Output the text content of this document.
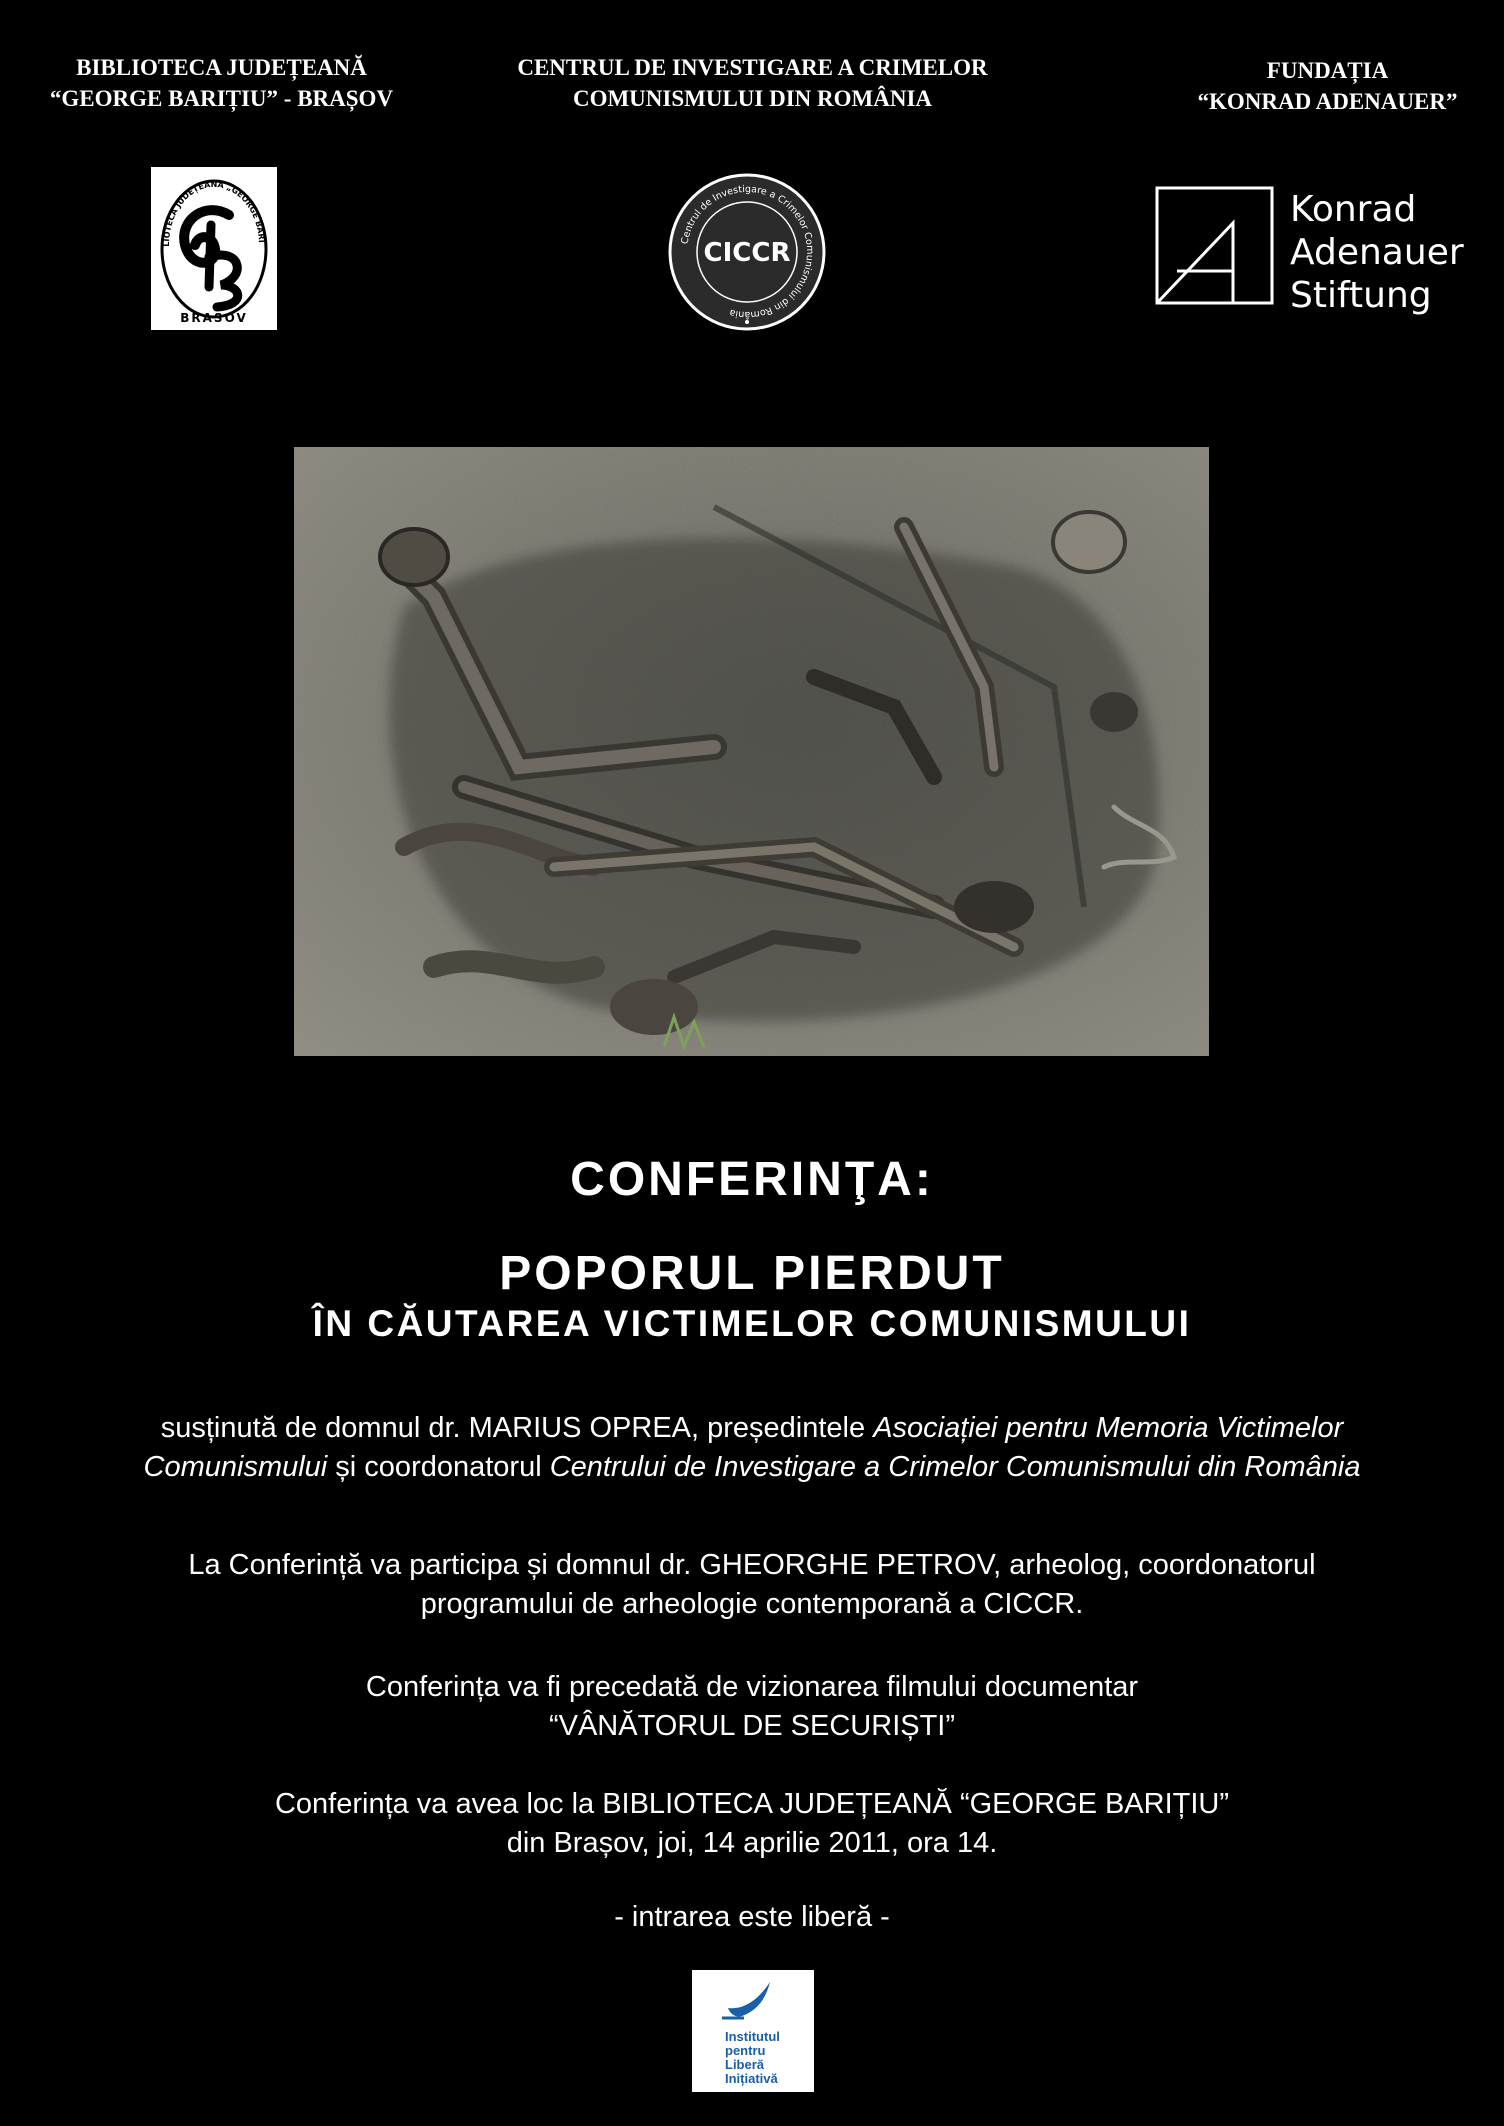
BIBLIOTECA JUDEȚEANĂ
“GEORGE BARIȚIU” - BRAȘOV
CENTRUL DE INVESTIGARE A CRIMELOR
COMUNISMULUI DIN ROMÂNIA
FUNDAȚIA
“KONRAD ADENAUER”
LIOTECA JUDEȚEANĂ „GEORGE BARI
BRASOV
Centrul de Investigare a Crimelor Comunismului din România
CICCR
Konrad
Adenauer
Stiftung
CONFERINŢA:
POPORUL PIERDUT
ÎN CĂUTAREA VICTIMELOR COMUNISMULUI
susținută de domnul dr. MARIUS OPREA, președintele Asociației pentru Memoria Victimelor
Comunismului și coordonatorul Centrului de Investigare a Crimelor Comunismului din România
La Conferință va participa și domnul dr. GHEORGHE PETROV, arheolog, coordonatorul
programului de arheologie contemporană a CICCR.
Conferința va fi precedată de vizionarea filmului documentar
“VÂNĂTORUL DE SECURIȘTI”
Conferința va avea loc la BIBLIOTECA JUDEȚEANĂ “GEORGE BARIȚIU”
din Brașov, joi, 14 aprilie 2011, ora 14.
- intrarea este liberă -
Institutul
pentru
Liberă
Inițiativă
